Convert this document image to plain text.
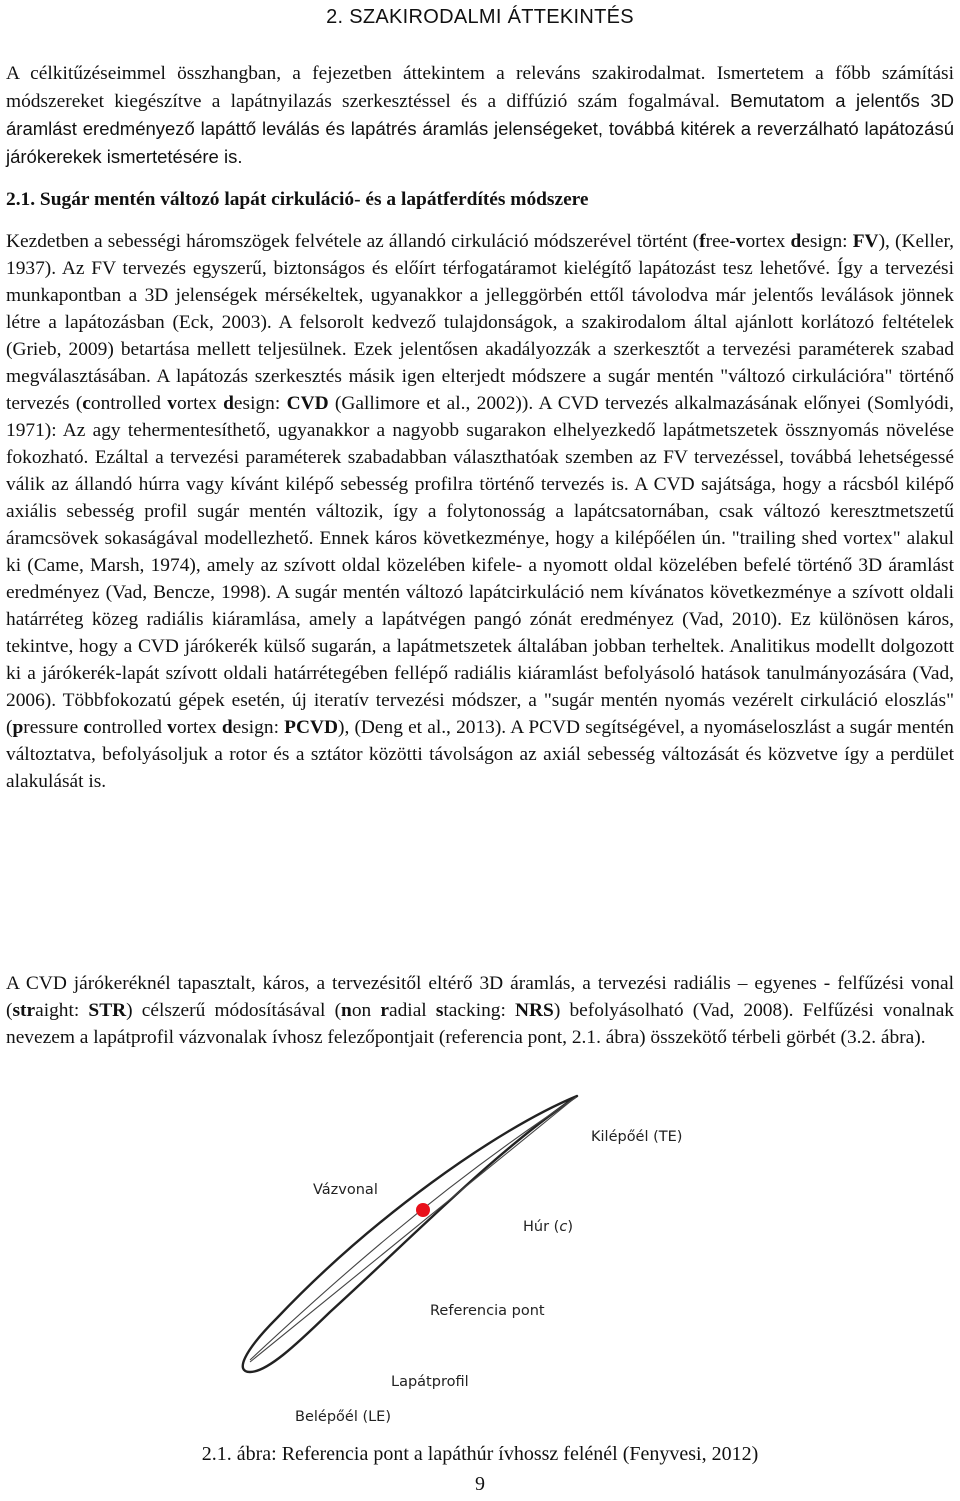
2. SZAKIRODALMI ÁTTEKINTÉS
A célkitűzéseimmel összhangban, a fejezetben áttekintem a releváns szakirodalmat. Ismertetem a főbb számítási módszereket kiegészítve a lapátnyilazás szerkesztéssel és a diffúzió szám fogalmával. Bemutatom a jelentős 3D áramlást eredményező lapáttő leválás és lapátrés áramlás jelenségeket, továbbá kitérek a reverzálható lapátozású járókerekek ismertetésére is.
2.1. Sugár mentén változó lapát cirkuláció- és a lapátferdítés módszere
Kezdetben a sebességi háromszögek felvétele az állandó cirkuláció módszerével történt (free-vortex design: FV), (Keller, 1937). Az FV tervezés egyszerű, biztonságos és előírt térfogatáramot kielégítő lapátozást tesz lehetővé. Így a tervezési munkapontban a 3D jelenségek mérsékeltek, ugyanakkor a jelleggörbén ettől távolodva már jelentős leválások jönnek létre a lapátozásban (Eck, 2003). A felsorolt kedvező tulajdonságok, a szakirodalom által ajánlott korlátozó feltételek (Grieb, 2009) betartása mellett teljesülnek. Ezek jelentősen akadályozzák a szerkesztőt a tervezési paraméterek szabad megválasztásában. A lapátozás szerkesztés másik igen elterjedt módszere a sugár mentén "változó cirkulációra" történő tervezés (controlled vortex design: CVD (Gallimore et al., 2002)). A CVD tervezés alkalmazásának előnyei (Somlyódi, 1971): Az agy tehermentesíthető, ugyanakkor a nagyobb sugarakon elhelyezkedő lapátmetszetek össznyomás növelése fokozható. Ezáltal a tervezési paraméterek szabadabban választhatóak szemben az FV tervezéssel, továbbá lehetségessé válik az állandó húrra vagy kívánt kilépő sebesség profilra történő tervezés is. A CVD sajátsága, hogy a rácsból kilépő axiális sebesség profil sugár mentén változik, így a folytonosság a lapátcsatornában, csak változó keresztmetszetű áramcsövek sokaságával modellezhető. Ennek káros következménye, hogy a kilépőélen ún. "trailing shed vortex" alakul ki (Came, Marsh, 1974), amely az szívott oldal közelében kifele- a nyomott oldal közelében befelé történő 3D áramlást eredményez (Vad, Bencze, 1998). A sugár mentén változó lapátcirkuláció nem kívánatos következménye a szívott oldali határréteg közeg radiális kiáramlása, amely a lapátvégen pangó zónát eredményez (Vad, 2010). Ez különösen káros, tekintve, hogy a CVD járókerék külső sugarán, a lapátmetszetek általában jobban terheltek. Analitikus modellt dolgozott ki a járókerék-lapát szívott oldali határrétegében fellépő radiális kiáramlást befolyásoló hatások tanulmányozására (Vad, 2006). Többfokozatú gépek esetén, új iteratív tervezési módszer, a "sugár mentén nyomás vezérelt cirkuláció eloszlás" (pressure controlled vortex design: PCVD), (Deng et al., 2013). A PCVD segítségével, a nyomáseloszlást a sugár mentén változtatva, befolyásoljuk a rotor és a sztátor közötti távolságon az axiál sebesség változását és közvetve így a perdület alakulását is.
A CVD járókeréknél tapasztalt, káros, a tervezésitől eltérő 3D áramlás, a tervezési radiális – egyenes - felfűzési vonal (straight: STR) célszerű módosításával (non radial stacking: NRS) befolyásolható (Vad, 2008). Felfűzési vonalnak nevezem a lapátprofil vázvonalak ívhosz felezőpontjait (referencia pont, 2.1. ábra) összekötő térbeli görbét (3.2. ábra).
Kilépőél (TE)
Vázvonal
Húr (c)
Referencia pont
Lapátprofil
Belépőél (LE)
2.1. ábra: Referencia pont a lapáthúr ívhossz felénél (Fenyvesi, 2012)
9
